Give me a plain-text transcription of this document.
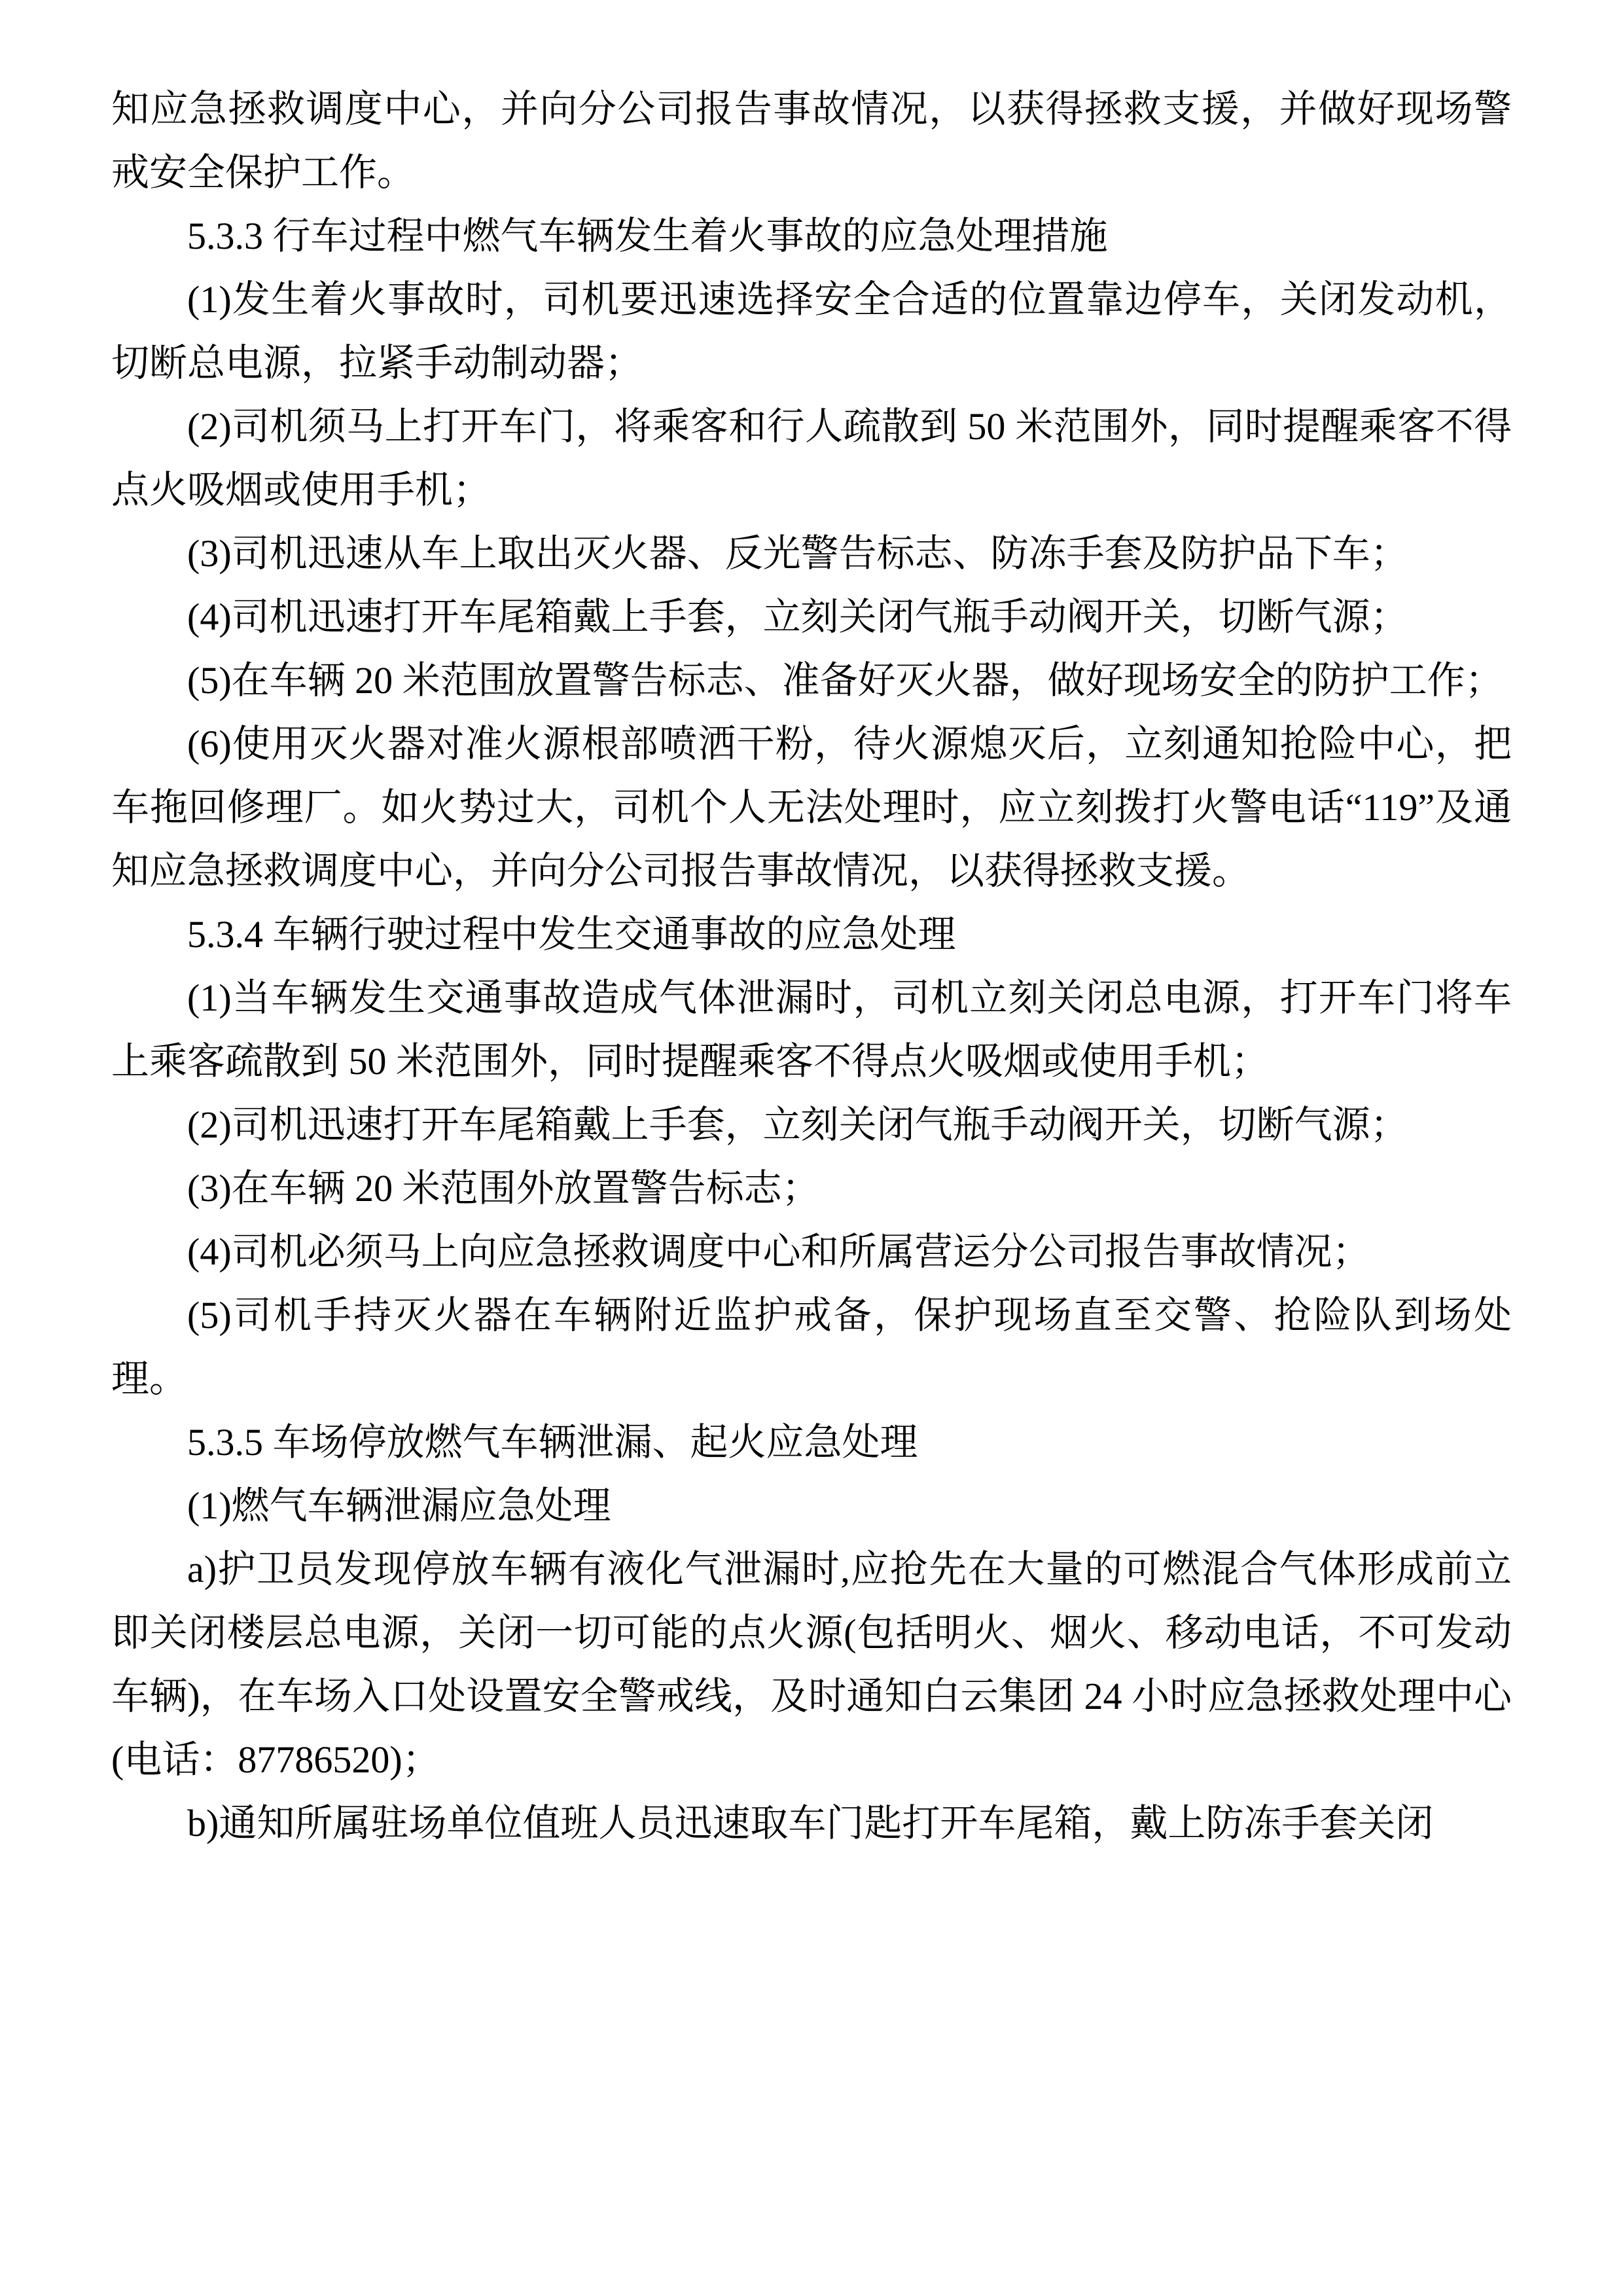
知应急拯救调度中心，并向分公司报告事故情况，以获得拯救支援，并做好现场警戒安全保护工作。

5.3.3 行车过程中燃气车辆发生着火事故的应急处理措施

(1)发生着火事故时，司机要迅速选择安全合适的位置靠边停车，关闭发动机，切断总电源，拉紧手动制动器；

(2)司机须马上打开车门，将乘客和行人疏散到 50 米范围外，同时提醒乘客不得点火吸烟或使用手机；

(3)司机迅速从车上取出灭火器、反光警告标志、防冻手套及防护品下车；

(4)司机迅速打开车尾箱戴上手套，立刻关闭气瓶手动阀开关，切断气源；

(5)在车辆 20 米范围放置警告标志、准备好灭火器，做好现场安全的防护工作；

(6)使用灭火器对准火源根部喷洒干粉，待火源熄灭后，立刻通知抢险中心，把车拖回修理厂。如火势过大，司机个人无法处理时，应立刻拨打火警电话“119”及通知应急拯救调度中心，并向分公司报告事故情况，以获得拯救支援。

5.3.4 车辆行驶过程中发生交通事故的应急处理

(1)当车辆发生交通事故造成气体泄漏时，司机立刻关闭总电源，打开车门将车上乘客疏散到 50 米范围外，同时提醒乘客不得点火吸烟或使用手机；

(2)司机迅速打开车尾箱戴上手套，立刻关闭气瓶手动阀开关，切断气源；

(3)在车辆 20 米范围外放置警告标志；

(4)司机必须马上向应急拯救调度中心和所属营运分公司报告事故情况；

(5)司机手持灭火器在车辆附近监护戒备，保护现场直至交警、抢险队到场处理。

5.3.5 车场停放燃气车辆泄漏、起火应急处理

(1)燃气车辆泄漏应急处理

a)护卫员发现停放车辆有液化气泄漏时,应抢先在大量的可燃混合气体形成前立即关闭楼层总电源，关闭一切可能的点火源(包括明火、烟火、移动电话，不可发动车辆)，在车场入口处设置安全警戒线，及时通知白云集团 24 小时应急拯救处理中心(电话：87786520)；

b)通知所属驻场单位值班人员迅速取车门匙打开车尾箱，戴上防冻手套关闭
